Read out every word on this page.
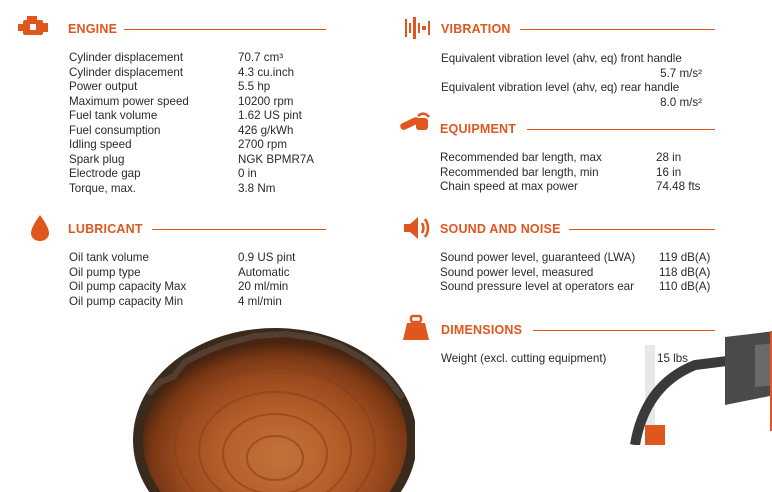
ENGINE
Cylinder displacement	70.7 cm³
Cylinder displacement	4.3 cu.inch
Power output	5.5 hp
Maximum power speed	10200 rpm
Fuel tank volume	1.62 US pint
Fuel consumption	426 g/kWh
Idling speed	2700 rpm
Spark plug	NGK BPMR7A
Electrode gap	0 in
Torque, max.	3.8 Nm
LUBRICANT
Oil tank volume	0.9 US pint
Oil pump type	Automatic
Oil pump capacity Max	20 ml/min
Oil pump capacity Min	4 ml/min
VIBRATION
Equivalent vibration level (ahv, eq) front handle
5.7 m/s²
Equivalent vibration level (ahv, eq) rear handle
8.0 m/s²
EQUIPMENT
Recommended bar length, max	28 in
Recommended bar length, min	16 in
Chain speed at max power	74.48 fts
SOUND AND NOISE
Sound power level, guaranteed (LWA) 119 dB(A)
Sound power level, measured	118 dB(A)
Sound pressure level at operators ear 110 dB(A)
DIMENSIONS
Weight (excl. cutting equipment)	15 lbs
